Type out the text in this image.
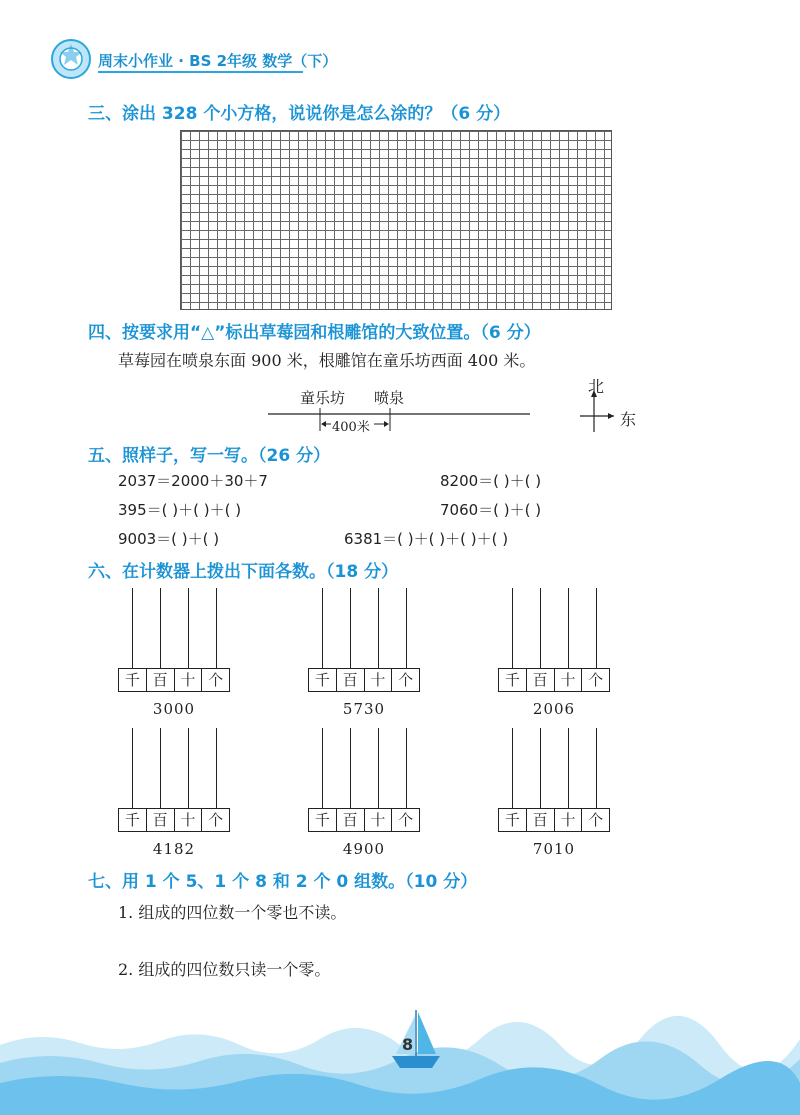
周末小作业 · BS 2年级 数学（下）
三、涂出 328 个小方格，说说你是怎么涂的？（6 分）
四、按要求用“△”标出草莓园和根雕馆的大致位置。（6 分）
草莓园在喷泉东面 900 米，根雕馆在童乐坊西面 400 米。
童乐坊 喷泉
400米
北
东
五、照样子，写一写。（26 分）
2037＝2000＋30＋7	8200＝( )＋( )
395＝( )＋( )＋( )	7060＝( )＋( )
9003＝( )＋( )	6381＝( )＋( )＋( )＋( )
六、在计数器上拨出下面各数。（18 分）
千 百 十 个
3000
千 百 十 个
5730
千 百 十 个
2006
千 百 十 个
4182
千 百 十 个
4900
千 百 十 个
7010
七、用 1 个 5、1 个 8 和 2 个 0 组数。（10 分）
1. 组成的四位数一个零也不读。
2. 组成的四位数只读一个零。
8
